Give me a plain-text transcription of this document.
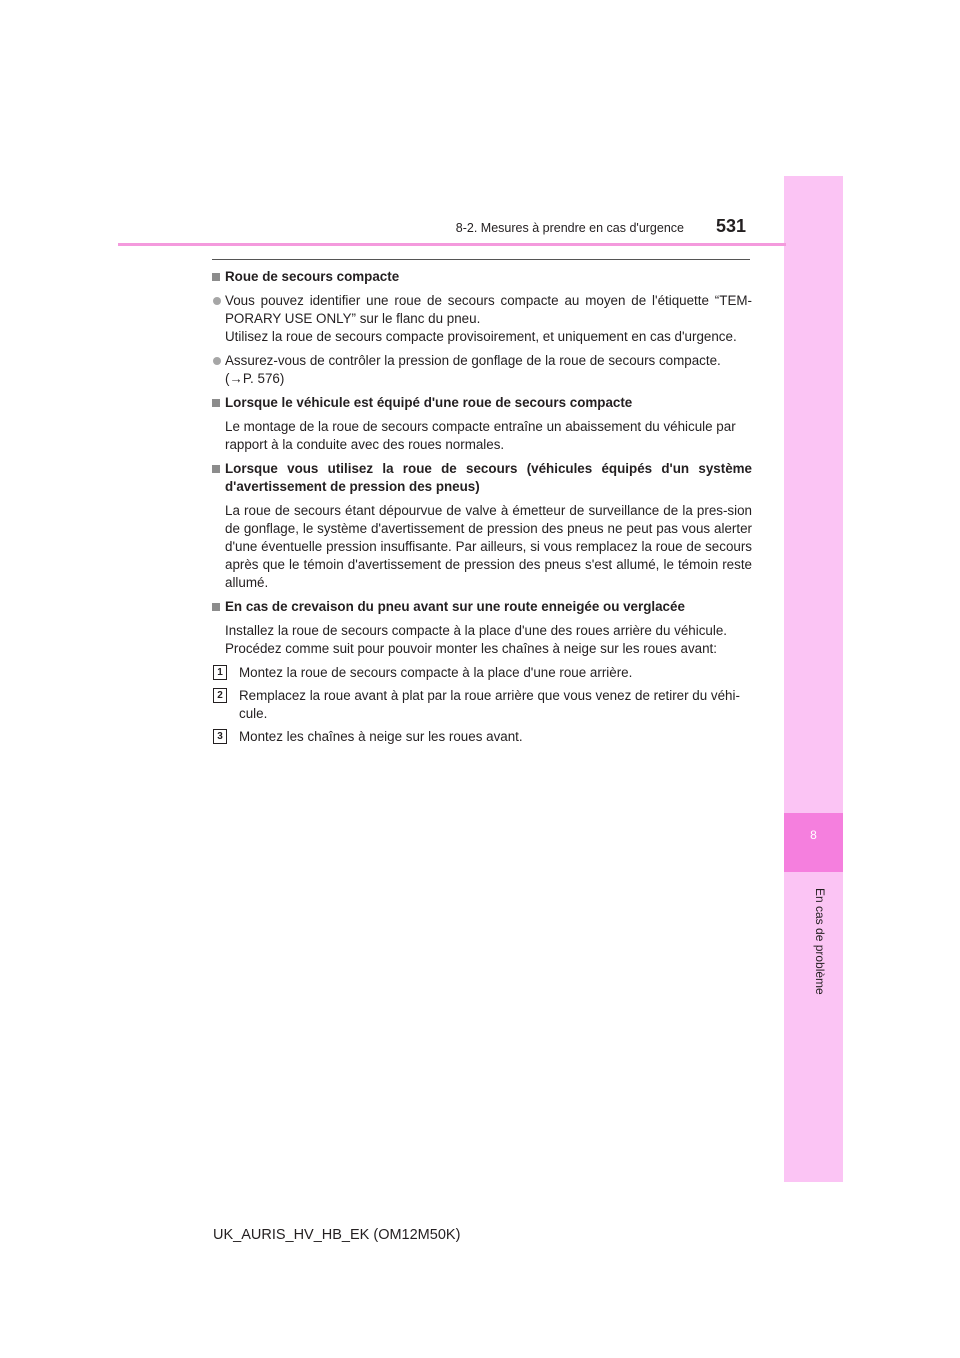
8
En cas de problème
8-2. Mesures à prendre en cas d'urgence 531
Roue de secours compacte
Vous pouvez identifier une roue de secours compacte au moyen de l'étiquette “TEM-PORARY USE ONLY” sur le flanc du pneu.
Utilisez la roue de secours compacte provisoirement, et uniquement en cas d'urgence.
Assurez-vous de contrôler la pression de gonflage de la roue de secours compacte.
(→P. 576)
Lorsque le véhicule est équipé d'une roue de secours compacte
Le montage de la roue de secours compacte entraîne un abaissement du véhicule par rapport à la conduite avec des roues normales.
Lorsque vous utilisez la roue de secours (véhicules équipés d'un système d'avertissement de pression des pneus)
La roue de secours étant dépourvue de valve à émetteur de surveillance de la pres-sion de gonflage, le système d'avertissement de pression des pneus ne peut pas vous alerter d'une éventuelle pression insuffisante. Par ailleurs, si vous remplacez la roue de secours après que le témoin d'avertissement de pression des pneus s'est allumé, le témoin reste allumé.
En cas de crevaison du pneu avant sur une route enneigée ou verglacée
Installez la roue de secours compacte à la place d'une des roues arrière du véhicule. Procédez comme suit pour pouvoir monter les chaînes à neige sur les roues avant:
1	Montez la roue de secours compacte à la place d'une roue arrière.
2	Remplacez la roue avant à plat par la roue arrière que vous venez de retirer du véhi-cule.
3	Montez les chaînes à neige sur les roues avant.
UK_AURIS_HV_HB_EK (OM12M50K)
